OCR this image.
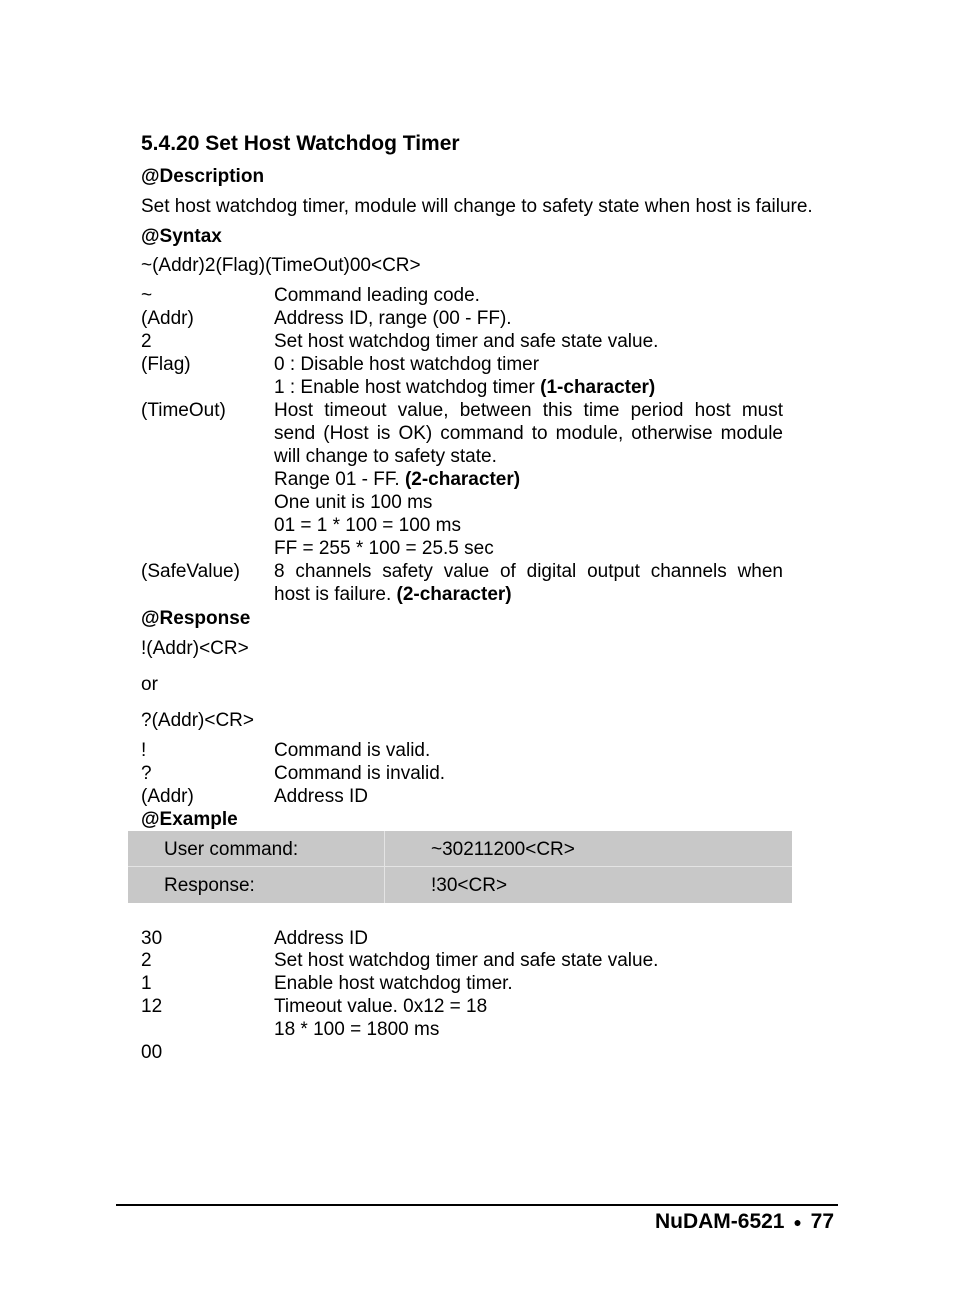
5.4.20 Set Host Watchdog Timer
@Description
Set host watchdog timer, module will change to safety state when host is failure.
@Syntax
~(Addr)2(Flag)(TimeOut)00<CR>
~	Command leading code.
(Addr)	Address ID, range (00 - FF).
2	Set host watchdog timer and safe state value.
(Flag)	0 : Disable host watchdog timer
1 : Enable host watchdog timer (1-character)
(TimeOut)	Host timeout value, between this time period host must
send (Host is OK) command to module, otherwise module
will change to safety state.
Range 01 - FF. (2-character)
One unit is 100 ms
01 = 1 * 100 = 100 ms
FF = 255 * 100 = 25.5 sec
(SafeValue) 8 channels safety value of digital output channels when
host is failure. (2-character)
@Response
!(Addr)<CR>
or
?(Addr)<CR>
!	Command is valid.
?	Command is invalid.
(Addr)	Address ID
@Example
User command:	~30211200<CR>
Response:	!30<CR>
30	Address ID
2	Set host watchdog timer and safe state value.
1	Enable host watchdog timer.
12	Timeout value. 0x12 = 18
18 * 100 = 1800 ms
00
NuDAM-6521 ● 77
